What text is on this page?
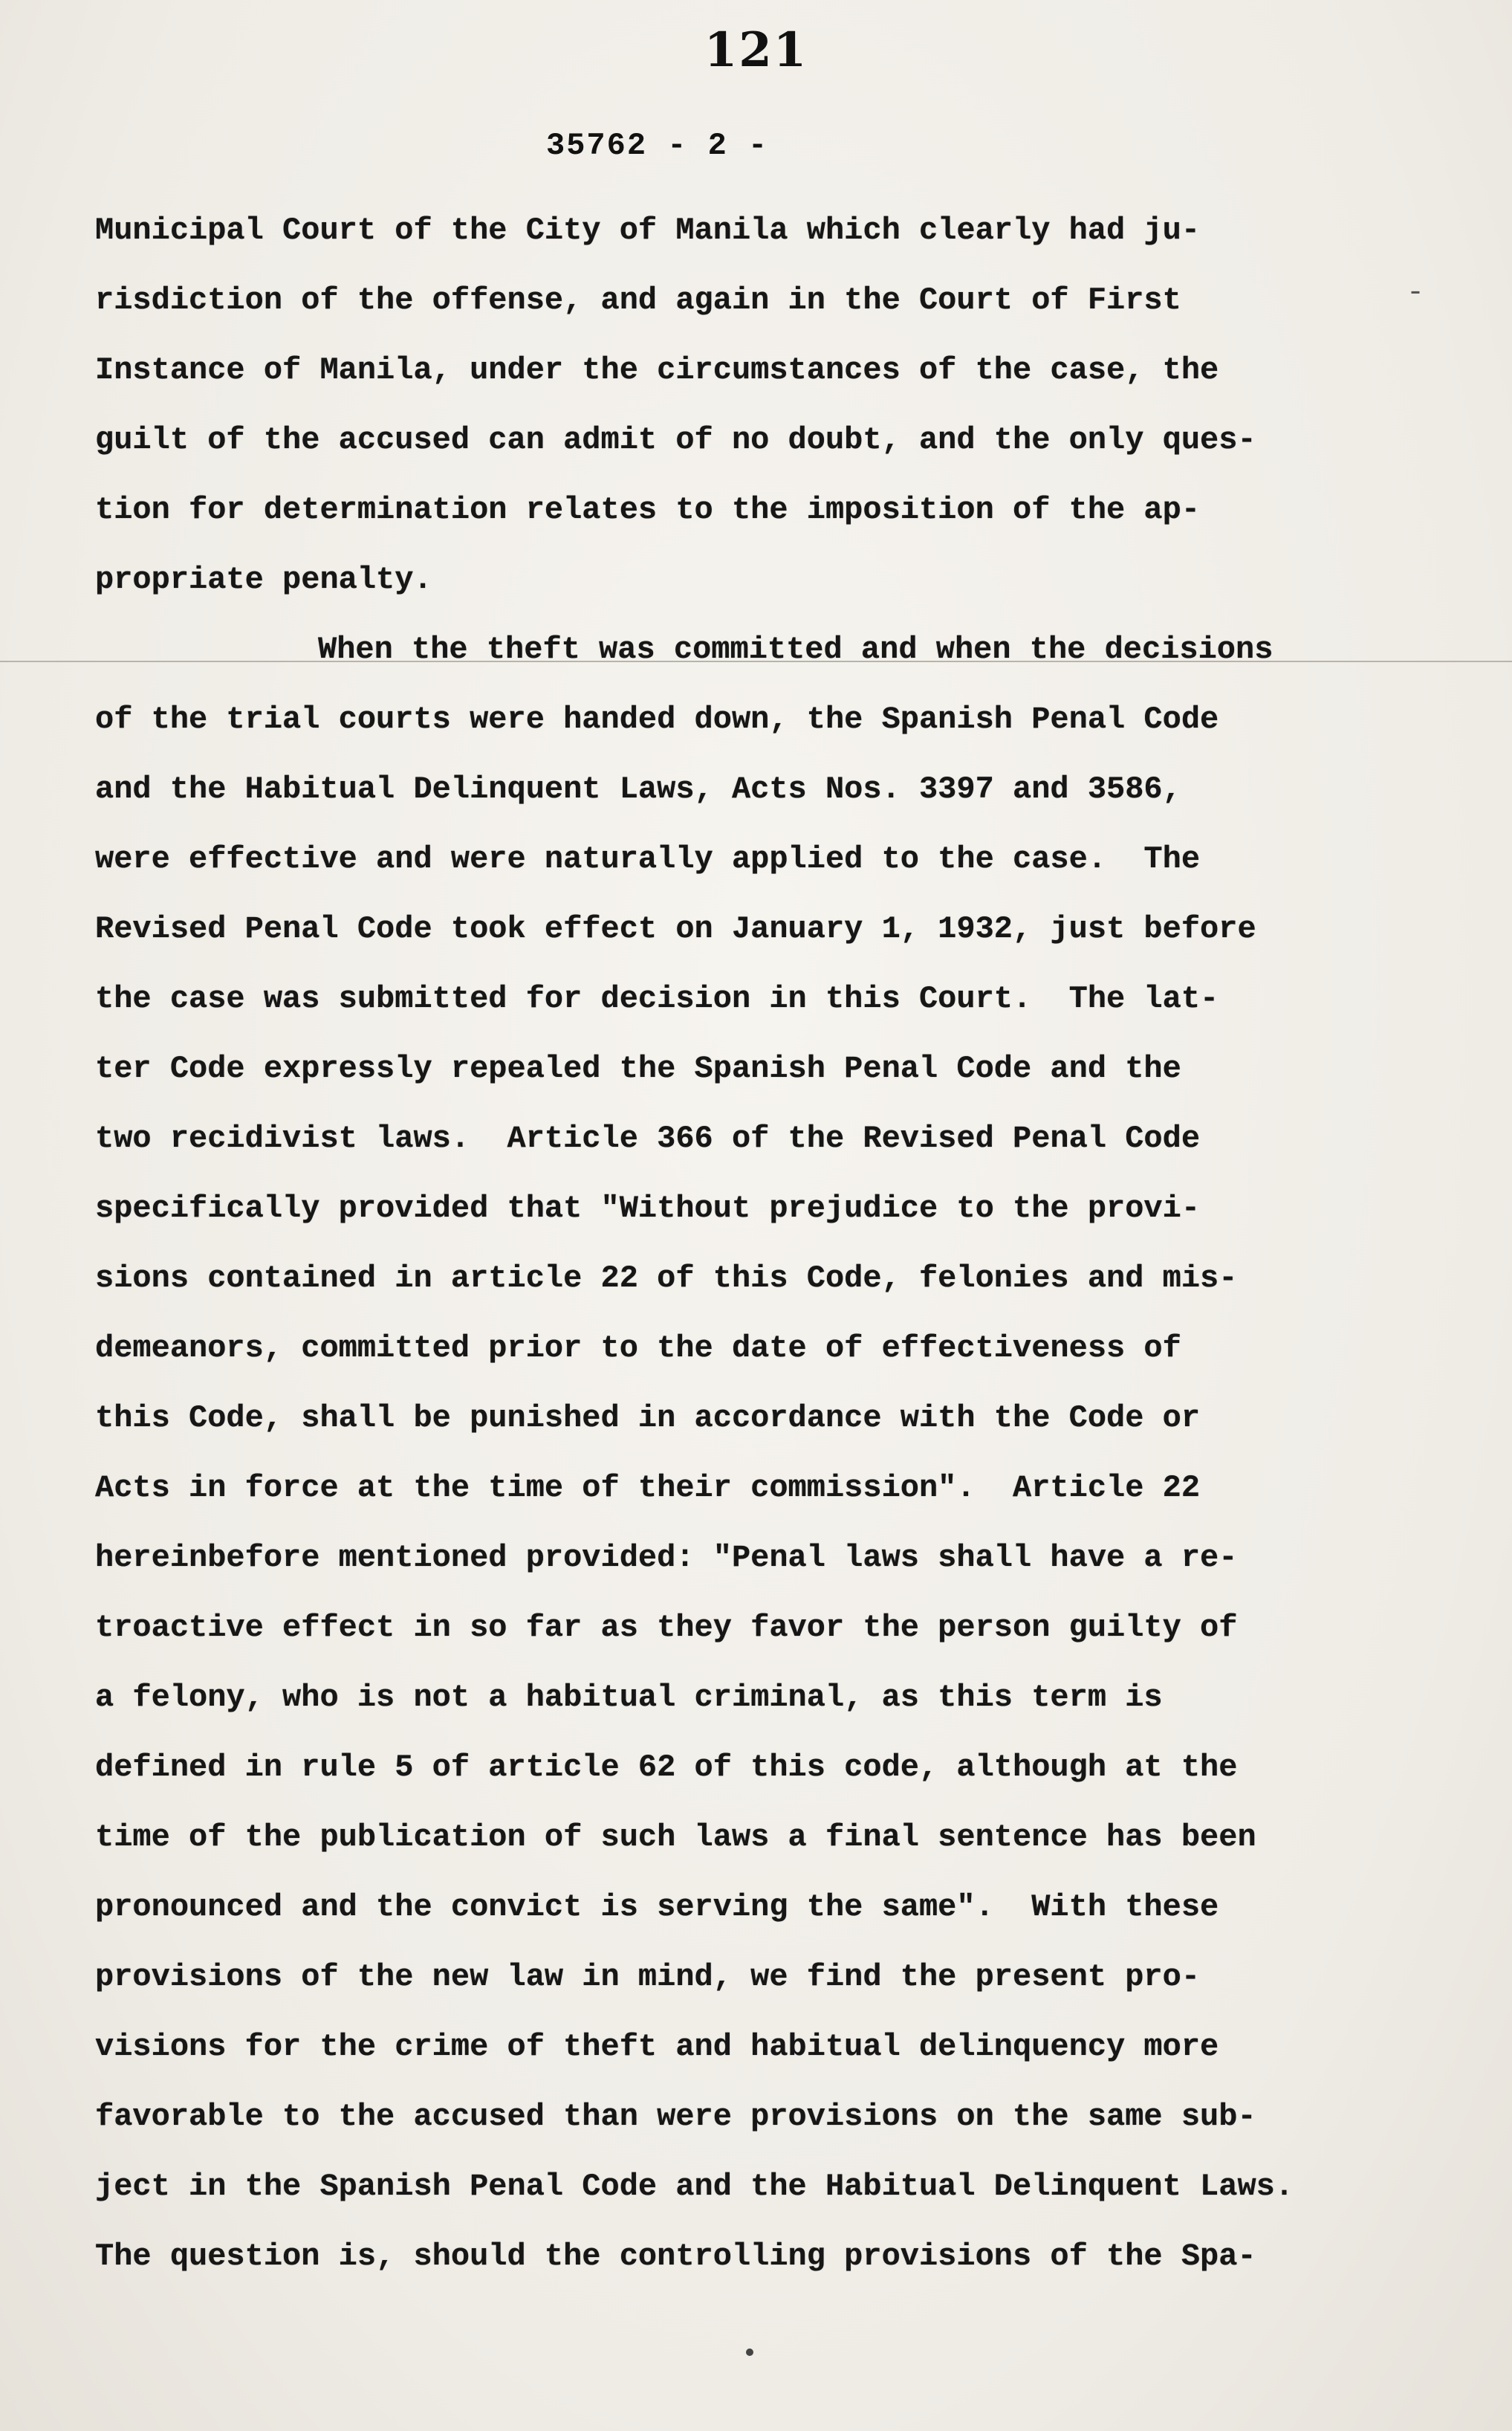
121
35762 - 2 -
-
Municipal Court of the City of Manila which clearly had ju-
risdiction of the offense, and again in the Court of First
Instance of Manila, under the circumstances of the case, the
guilt of the accused can admit of no doubt, and the only ques-
tion for determination relates to the imposition of the ap-
propriate penalty.
When the theft was committed and when the decisions
of the trial courts were handed down, the Spanish Penal Code
and the Habitual Delinquent Laws, Acts Nos. 3397 and 3586,
were effective and were naturally applied to the case.  The
Revised Penal Code took effect on January 1, 1932, just before
the case was submitted for decision in this Court.  The lat-
ter Code expressly repealed the Spanish Penal Code and the
two recidivist laws.  Article 366 of the Revised Penal Code
specifically provided that "Without prejudice to the provi-
sions contained in article 22 of this Code, felonies and mis-
demeanors, committed prior to the date of effectiveness of
this Code, shall be punished in accordance with the Code or
Acts in force at the time of their commission".  Article 22
hereinbefore mentioned provided: "Penal laws shall have a re-
troactive effect in so far as they favor the person guilty of
a felony, who is not a habitual criminal, as this term is
defined in rule 5 of article 62 of this code, although at the
time of the publication of such laws a final sentence has been
pronounced and the convict is serving the same".  With these
provisions of the new law in mind, we find the present pro-
visions for the crime of theft and habitual delinquency more
favorable to the accused than were provisions on the same sub-
ject in the Spanish Penal Code and the Habitual Delinquent Laws.
The question is, should the controlling provisions of the Spa-
